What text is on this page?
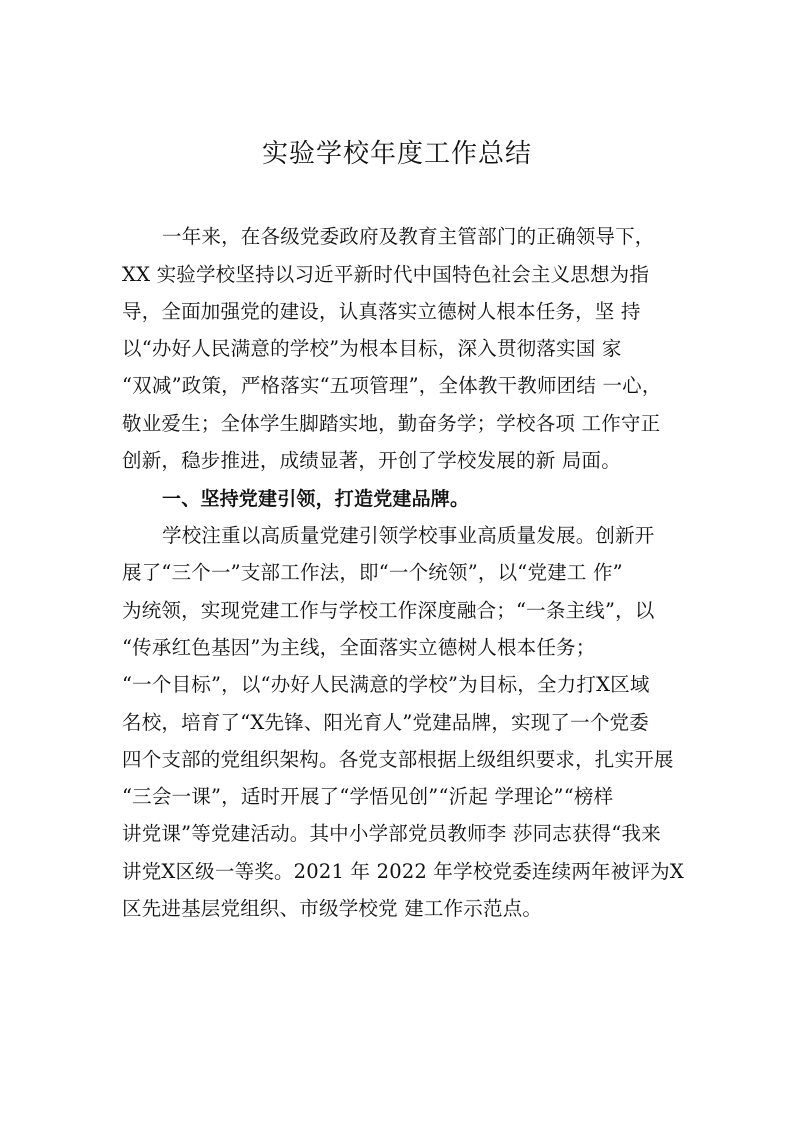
实验学校年度工作总结
一年来，在各级党委政府及教育主管部门的正确领导下，
XX 实验学校坚持以习近平新时代中国特色社会主义思想为指
导，全面加强党的建设，认真落实立德树人根本任务，坚 持
以“办好人民满意的学校”为根本目标，深入贯彻落实国 家
“双减”政策，严格落实“五项管理”，全体教干教师团结 一心，
敬业爱生；全体学生脚踏实地，勤奋务学；学校各项 工作守正
创新，稳步推进，成绩显著，开创了学校发展的新 局面。
一、坚持党建引领，打造党建品牌。
学校注重以高质量党建引领学校事业高质量发展。创新开
展了“三个一”支部工作法，即“一个统领”，以“党建工 作”
为统领，实现党建工作与学校工作深度融合；“一条主线”，以
“传承红色基因”为主线，全面落实立德树人根本任务；
“一个目标”，以“办好人民满意的学校”为目标，全力打X区域
名校，培育了“X先锋、阳光育人”党建品牌，实现了一个党委
四个支部的党组织架构。各党支部根据上级组织要求，扎实开展
“三会一课”，适时开展了“学悟见创”“沂起 学理论”“榜样
讲党课”等党建活动。其中小学部党员教师李 莎同志获得“我来
讲党X区级一等奖。2021 年 2022 年学校党委连续两年被评为X
区先进基层党组织、市级学校党 建工作示范点。
